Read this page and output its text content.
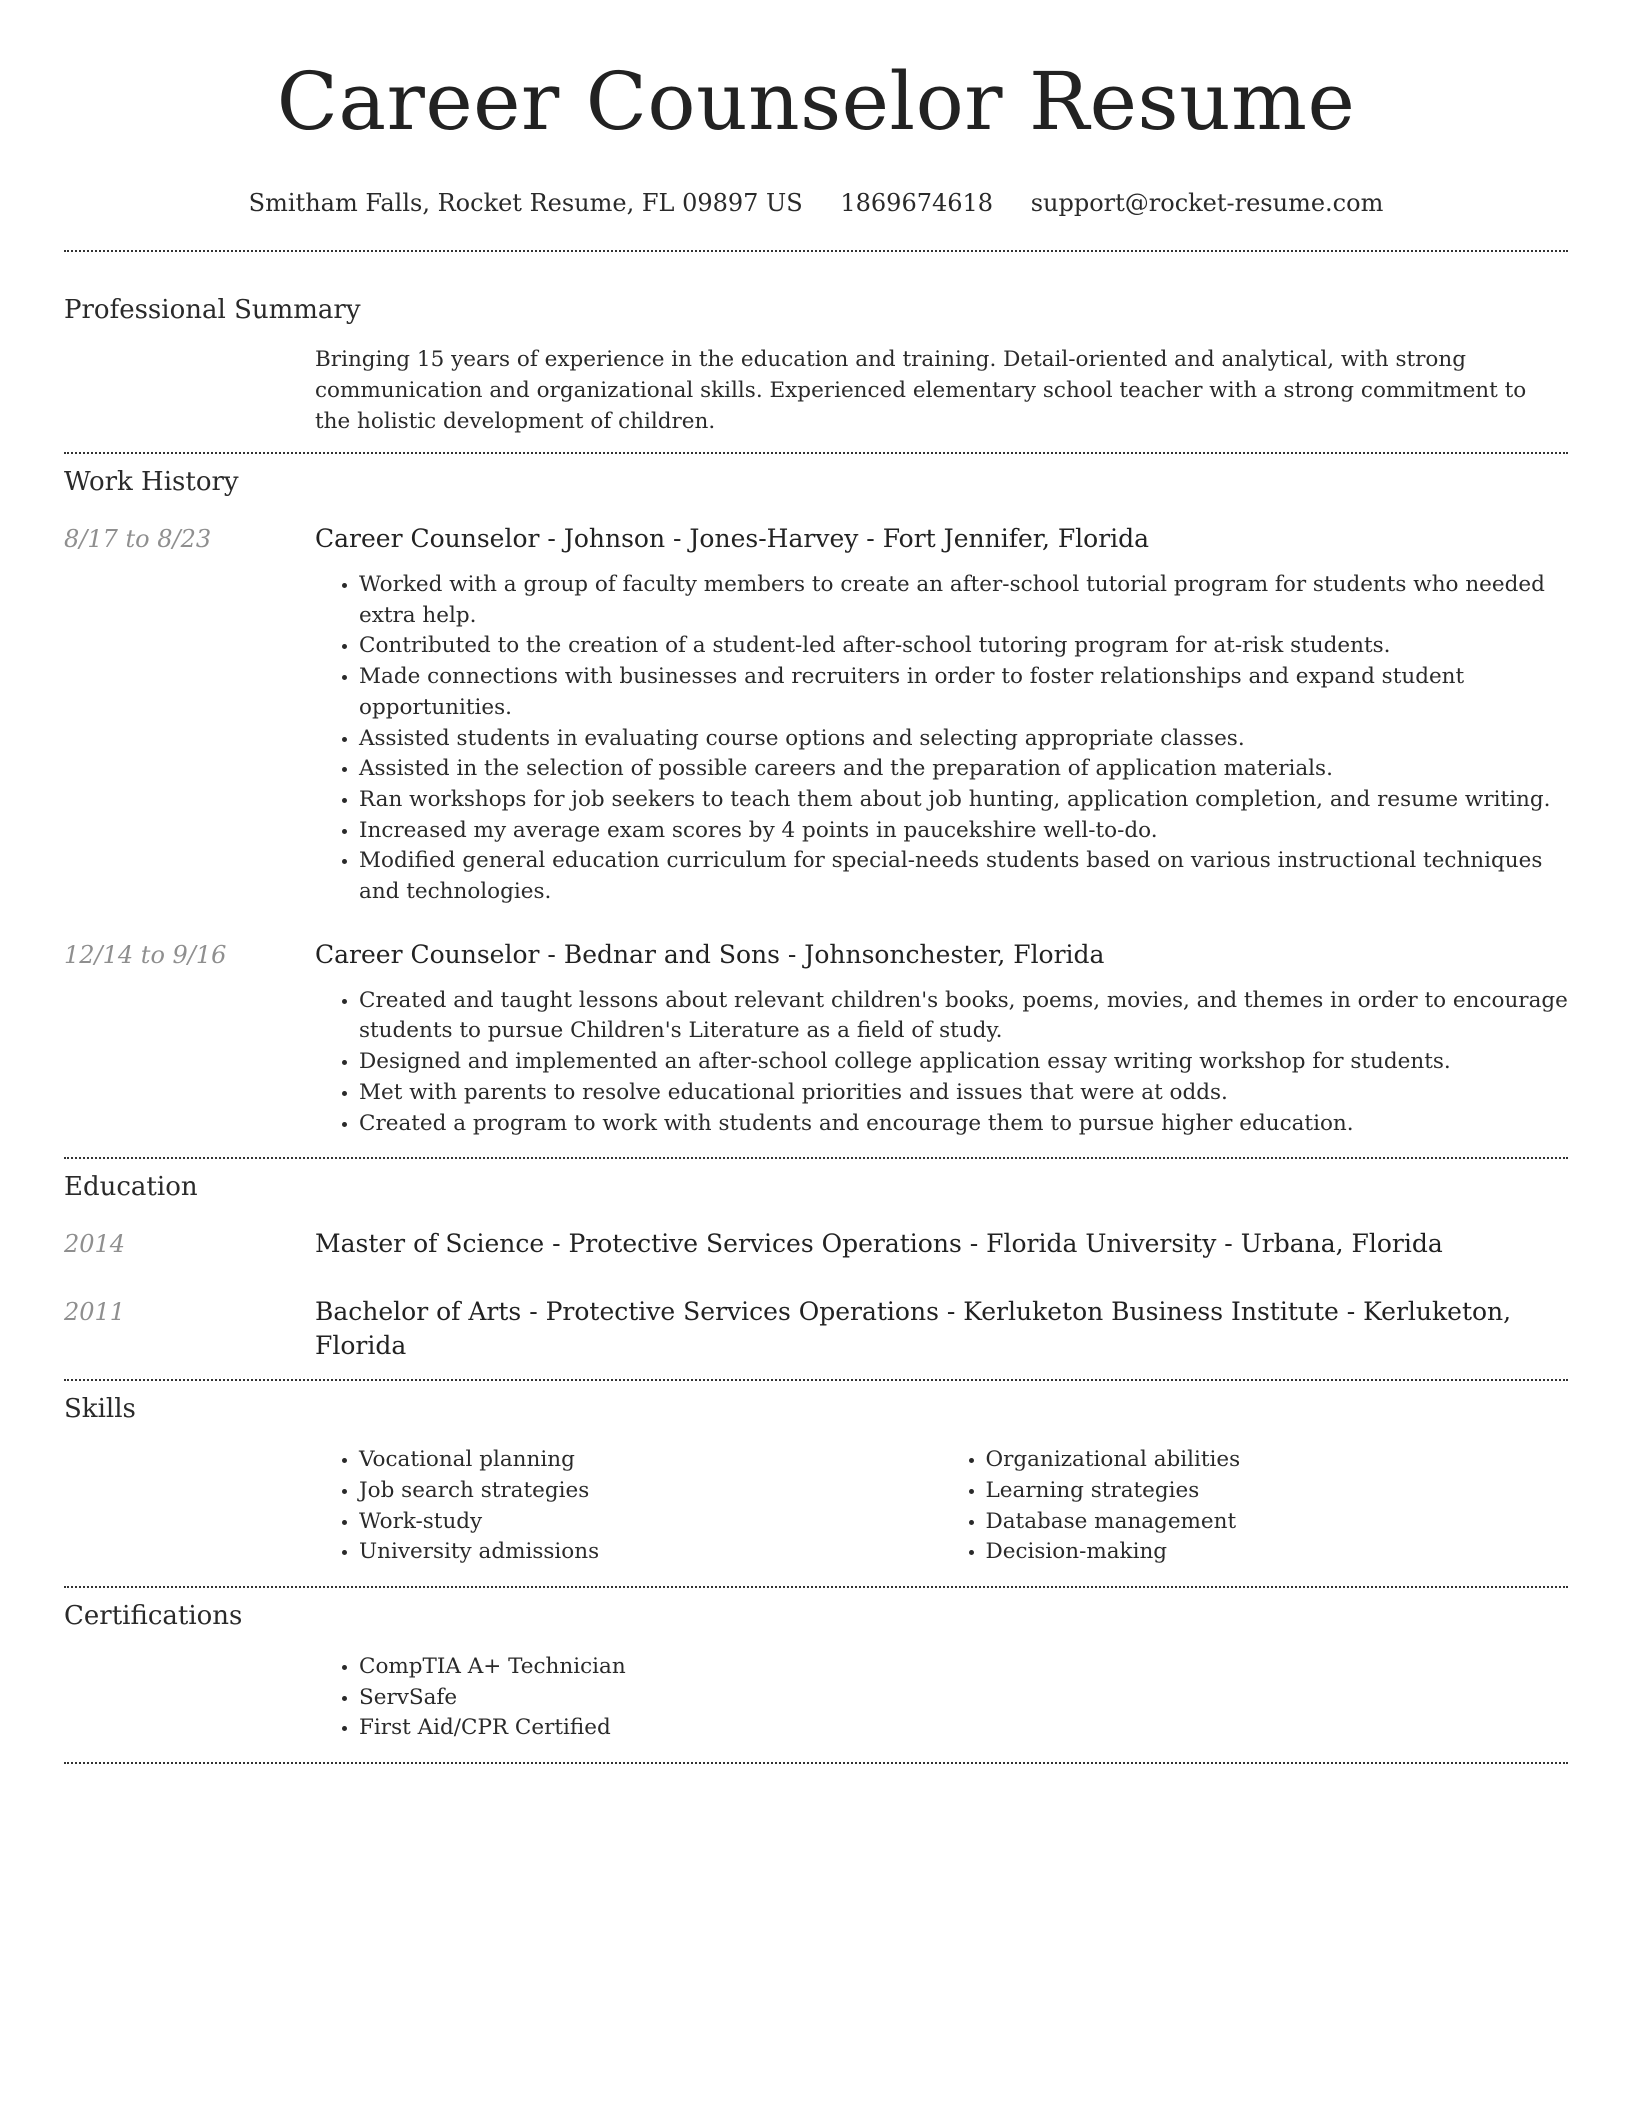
Career Counselor Resume
Smitham Falls, Rocket Resume, FL 09897 US 1869674618 support@rocket-resume.com
Professional Summary

Bringing 15 years of experience in the education and training. Detail-oriented and analytical, with strong communication and organizational skills. Experienced elementary school teacher with a strong commitment to the holistic development of children.

Work History
8/17 to 8/23	Career Counselor - Johnson - Jones-Harvey - Fort Jennifer, Florida
• Worked with a group of faculty members to create an after-school tutorial program for students who needed extra help.
• Contributed to the creation of a student-led after-school tutoring program for at-risk students.
• Made connections with businesses and recruiters in order to foster relationships and expand student opportunities.
• Assisted students in evaluating course options and selecting appropriate classes.
• Assisted in the selection of possible careers and the preparation of application materials.
• Ran workshops for job seekers to teach them about job hunting, application completion, and resume writing.
• Increased my average exam scores by 4 points in paucekshire well-to-do.
• Modified general education curriculum for special-needs students based on various instructional techniques and technologies.
12/14 to 9/16	Career Counselor - Bednar and Sons - Johnsonchester, Florida
• Created and taught lessons about relevant children's books, poems, movies, and themes in order to encourage students to pursue Children's Literature as a field of study.
• Designed and implemented an after-school college application essay writing workshop for students.
• Met with parents to resolve educational priorities and issues that were at odds.
• Created a program to work with students and encourage them to pursue higher education.
Education
2014	Master of Science - Protective Services Operations - Florida University - Urbana, Florida
2011	Bachelor of Arts - Protective Services Operations - Kerluketon Business Institute - Kerluketon, Florida
Skills
• Vocational planning
• Job search strategies
• Work-study
• University admissions
• Organizational abilities
• Learning strategies
• Database management
• Decision-making
Certifications
• CompTIA A+ Technician
• ServSafe
• First Aid/CPR Certified
